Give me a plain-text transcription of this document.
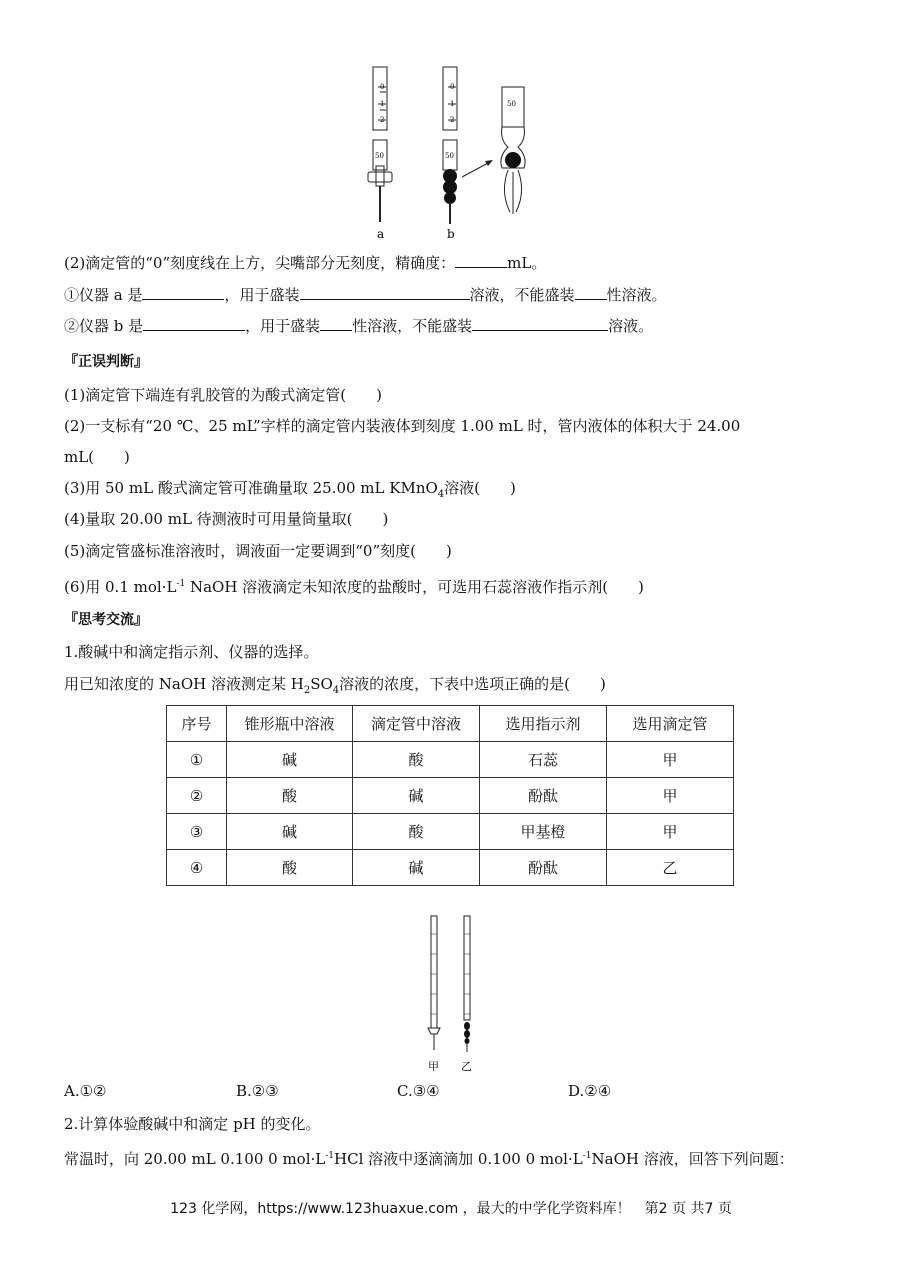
0
1
2
50
0
1
2
50
50
a	b
(2)滴定管的“0”刻度线在上方，尖嘴部分无刻度，精确度：	mL。
①仪器 a 是	，用于盛装	溶液，不能盛装 性溶液。
②仪器 b 是	，用于盛装 性溶液，不能盛装	溶液。
『正误判断』
(1)滴定管下端连有乳胶管的为酸式滴定管(　　)
(2)一支标有“20 ℃、25 mL”字样的滴定管内装液体到刻度 1.00 mL 时，管内液体的体积大于 24.00
mL(　　)
(3)用 50 mL 酸式滴定管可准确量取 25.00 mL KMnO$_4$溶液(　　)
(4)量取 20.00 mL 待测液时可用量筒量取(　　)
(5)滴定管盛标准溶液时，调液面一定要调到“0”刻度(　　)
(6)用 0.1 $mol\cdot L^{-1}$ NaOH 溶液滴定未知浓度的盐酸时，可选用石蕊溶液作指示剂(　　)
『思考交流』
1.酸碱中和滴定指示剂、仪器的选择。
用已知浓度的 NaOH 溶液测定某 $H_2SO_4$溶液的浓度，下表中选项正确的是(　　)
序号	锥形瓶中溶液	滴定管中溶液	选用指示剂	选用滴定管
①	碱	酸	石蕊	甲
②	酸	碱	酚酞	甲
③	碱	酸	甲基橙	甲
④	酸	碱	酚酞	乙
甲 乙
A.①②	B.②③	C.③④	D.②④
2.计算体验酸碱中和滴定 pH 的变化。
常温时，向 20.00 mL 0.100 0 $mol\cdot L^{-1}HCl$ 溶液中逐滴滴加 0.100 0 $mol\cdot L^{-1}NaOH$ 溶液，回答下列问题：
123 化学网，https://www.123huaxue.com ，最大的中学化学资料库！　第2 页 共7 页
